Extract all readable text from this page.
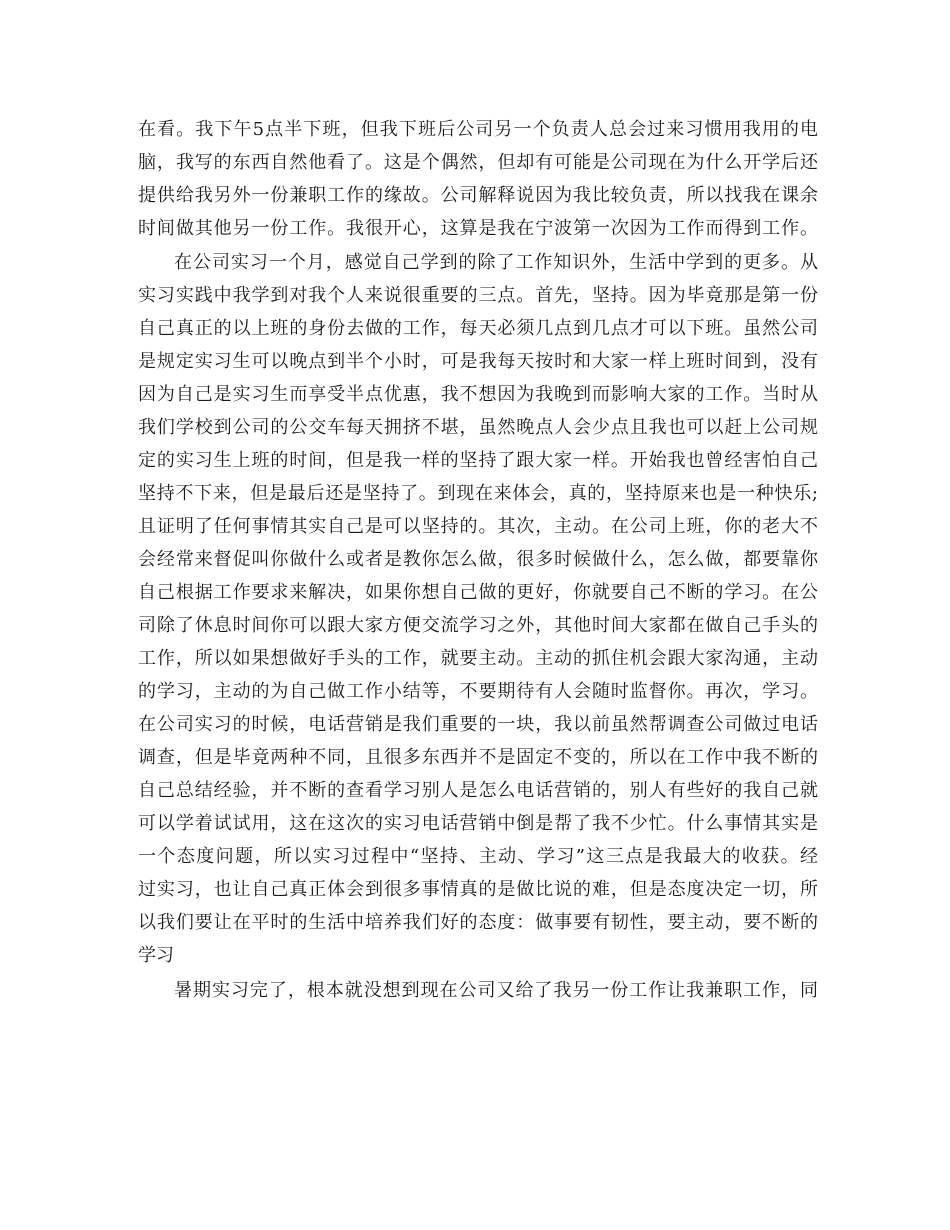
在看。我下午5点半下班，但我下班后公司另一个负责人总会过来习惯用我用的电
脑，我写的东西自然他看了。这是个偶然，但却有可能是公司现在为什么开学后还
提供给我另外一份兼职工作的缘故。公司解释说因为我比较负责，所以找我在课余
时间做其他另一份工作。我很开心，这算是我在宁波第一次因为工作而得到工作。
在公司实习一个月，感觉自己学到的除了工作知识外，生活中学到的更多。从
实习实践中我学到对我个人来说很重要的三点。首先，坚持。因为毕竟那是第一份
自己真正的以上班的身份去做的工作，每天必须几点到几点才可以下班。虽然公司
是规定实习生可以晚点到半个小时，可是我每天按时和大家一样上班时间到，没有
因为自己是实习生而享受半点优惠，我不想因为我晚到而影响大家的工作。当时从
我们学校到公司的公交车每天拥挤不堪，虽然晚点人会少点且我也可以赶上公司规
定的实习生上班的时间，但是我一样的坚持了跟大家一样。开始我也曾经害怕自己
坚持不下来，但是最后还是坚持了。到现在来体会，真的，坚持原来也是一种快乐;
且证明了任何事情其实自己是可以坚持的。其次，主动。在公司上班，你的老大不
会经常来督促叫你做什么或者是教你怎么做，很多时候做什么，怎么做，都要靠你
自己根据工作要求来解决，如果你想自己做的更好，你就要自己不断的学习。在公
司除了休息时间你可以跟大家方便交流学习之外，其他时间大家都在做自己手头的
工作，所以如果想做好手头的工作，就要主动。主动的抓住机会跟大家沟通，主动
的学习，主动的为自己做工作小结等，不要期待有人会随时监督你。再次，学习。
在公司实习的时候，电话营销是我们重要的一块，我以前虽然帮调查公司做过电话
调查，但是毕竟两种不同，且很多东西并不是固定不变的，所以在工作中我不断的
自己总结经验，并不断的查看学习别人是怎么电话营销的，别人有些好的我自己就
可以学着试试用，这在这次的实习电话营销中倒是帮了我不少忙。什么事情其实是
一个态度问题，所以实习过程中“坚持、主动、学习”这三点是我最大的收获。经
过实习，也让自己真正体会到很多事情真的是做比说的难，但是态度决定一切，所
以我们要让在平时的生活中培养我们好的态度：做事要有韧性，要主动，要不断的
学习
暑期实习完了，根本就没想到现在公司又给了我另一份工作让我兼职工作，同
